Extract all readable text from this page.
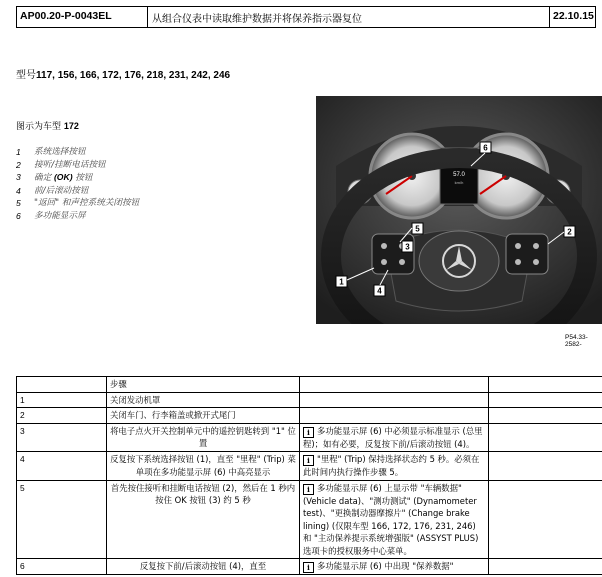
AP00.20-P-0043EL	从组合仪表中读取维护数据并将保养指示器复位	22.10.15
型号117, 156, 166, 172, 176, 218, 231, 242, 246
图示为车型 172
1	系统选择按钮
2	接听/挂断电话按钮
3	确定 (OK) 按钮
4	前/后滚动按钮
5	"返回" 和声控系统关闭按钮
6	多功能显示屏
P R N D
57.0
km/h
6
5
3
2
1
4
P54.33-2582-
	步骤		
1	关闭发动机罩		
2	关闭车门、行李箱盖或掀开式尾门		
3	将电子点火开关控制单元中的遥控钥匙转到 "1" 位置	i 多功能显示屏 (6) 中必须显示标准显示 (总里程)；如有必要，反复按下前/后滚动按钮 (4)。	
4	反复按下系统选择按钮 (1)，直至 "里程" (Trip) 菜单项在多功能显示屏 (6) 中高亮显示	i "里程" (Trip) 保持选择状态约 5 秒。必须在此时间内执行操作步骤 5。	
5	首先按住接听和挂断电话按钮 (2)，然后在 1 秒内按住 OK 按钮 (3) 约 5 秒	i 多功能显示屏 (6) 上显示带 "车辆数据" (Vehicle data)、"测功测试" (Dynamometer test)、"更换制动器摩擦片" (Change brake lining) (仅限车型 166, 172, 176, 231, 246) 和 "主动保养提示系统增强版" (ASSYST PLUS) 选项卡的授权服务中心菜单。	
6	反复按下前/后滚动按钮 (4)，直至	i 多功能显示屏 (6) 中出现 "保养数据"	
